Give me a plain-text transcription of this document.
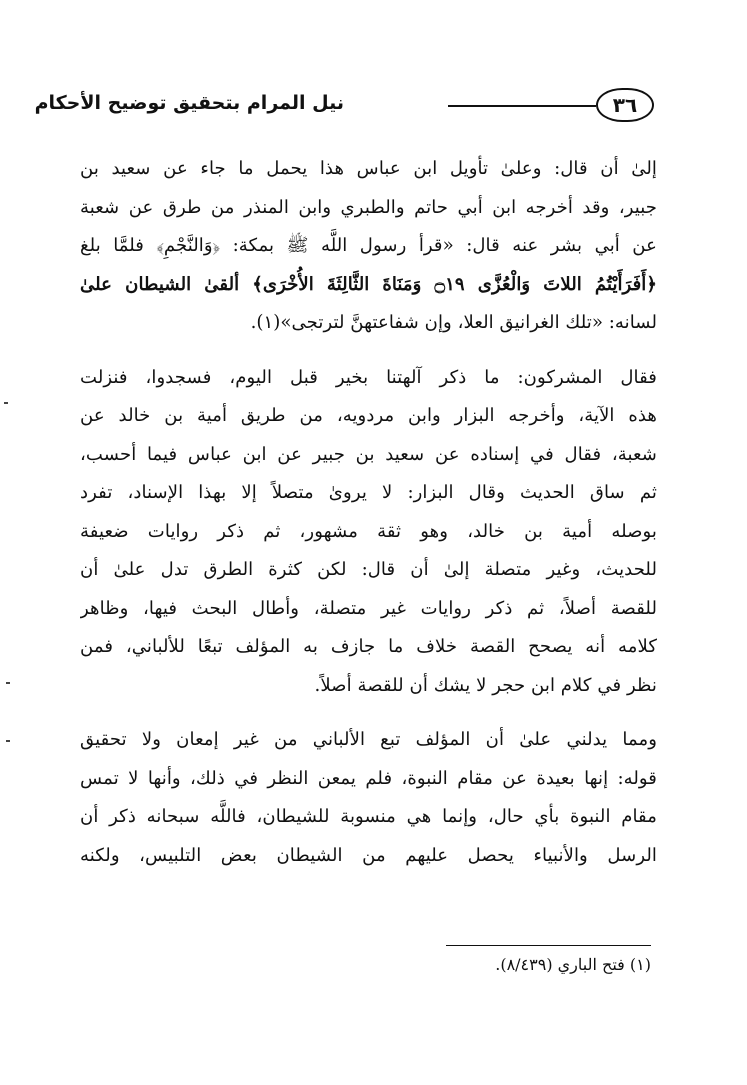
٣٦
نيل المرام بتحقيق توضيح الأحكام
إلىٰ أن قال: وعلىٰ تأويل ابن عباس هذا يحمل ما جاء عن سعيد بن
جبير، وقد أخرجه ابن أبي حاتم والطبري وابن المنذر من طرق عن شعبة
عن أبي بشر عنه قال: «قرأ رسول اللَّه ﷺ بمكة: ﴿وَالنَّجْمِ﴾ فلمَّا بلغ
﴿أَفَرَأَيْتُمُ اللاتَ وَالْعُزَّى ۝١٩ وَمَنَاةَ الثَّالِثَةَ الأُخْرَى﴾ ألقىٰ الشيطان علىٰ
لسانه: «تلك الغرانيق العلا، وإن شفاعتهنَّ لترتجى»(١).
فقال المشركون: ما ذكر آلهتنا بخير قبل اليوم، فسجدوا، فنزلت
هذه الآية، وأخرجه البزار وابن مردويه، من طريق أمية بن خالد عن
شعبة، فقال في إسناده عن سعيد بن جبير عن ابن عباس فيما أحسب،
ثم ساق الحديث وقال البزار: لا يروىٰ متصلاً إلا بهذا الإسناد، تفرد
بوصله أمية بن خالد، وهو ثقة مشهور، ثم ذكر روايات ضعيفة
للحديث، وغير متصلة إلىٰ أن قال: لكن كثرة الطرق تدل علىٰ أن
للقصة أصلاً، ثم ذكر روايات غير متصلة، وأطال البحث فيها، وظاهر
كلامه أنه يصحح القصة خلاف ما جازف به المؤلف تبعًا للألباني، فمن
نظر في كلام ابن حجر لا يشك أن للقصة أصلاً.
ومما يدلني علىٰ أن المؤلف تبع الألباني من غير إمعان ولا تحقيق
قوله: إنها بعيدة عن مقام النبوة، فلم يمعن النظر في ذلك، وأنها لا تمس
مقام النبوة بأي حال، وإنما هي منسوبة للشيطان، فاللَّه سبحانه ذكر أن
الرسل والأنبياء يحصل عليهم من الشيطان بعض التلبيس، ولكنه
(١) فتح الباري (٨/٤٣٩).
